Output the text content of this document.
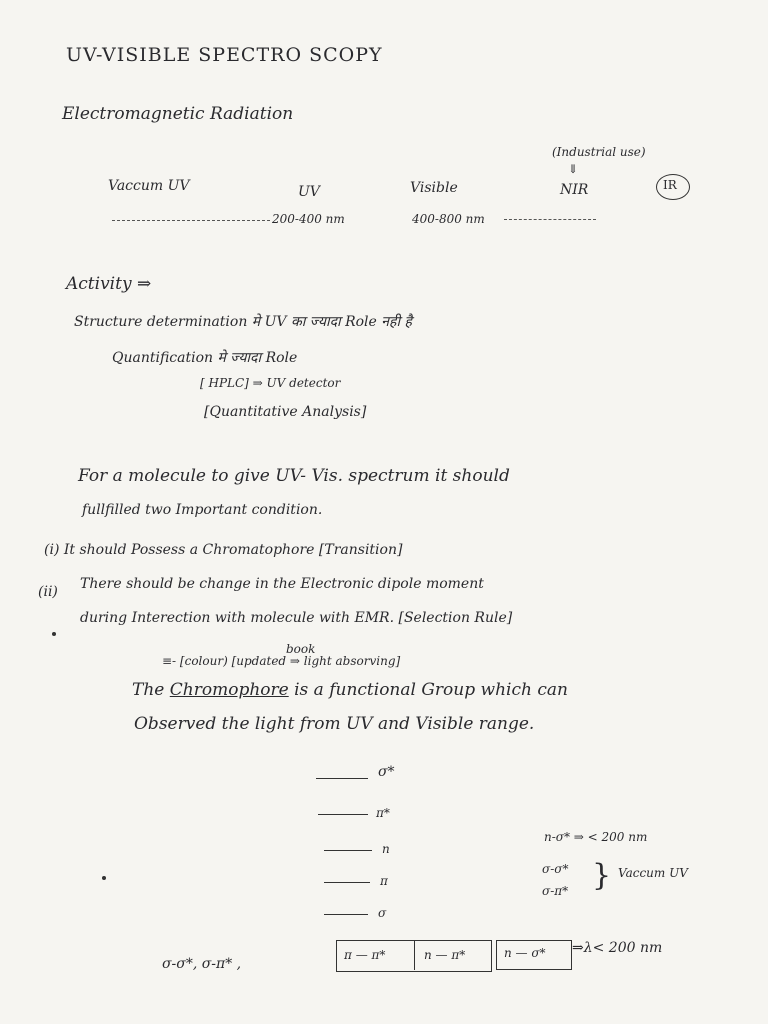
UV-VISIBLE SPECTRO SCOPY
Electromagnetic Radiation
(Industrial use)
⇓
Vaccum UV	UV	Visible	NIR	IR
200-400 nm	400-800 nm
Activity ⇒
Structure determination मे UV का ज्यादा Role नही है
Quantification मे ज्यादा Role
[ HPLC] ⇒ UV detector
[Quantitative Analysis]
For a molecule to give UV- Vis. spectrum it should
fullfilled two Important condition.
(i) It should Possess a Chromatophore [Transition]
(ii) There should be change in the Electronic dipole moment
during Interection with molecule with EMR. [Selection Rule]
book
≡- [colour) [updated ⇒ light absorving]
The Chromophore is a functional Group which can
Observed the light from UV and Visible range.
σ*
π*
n
π
σ
n-σ* ⇒ < 200 nm
σ-σ*
σ-π* } Vaccum UV
σ-σ*, σ-π* ,
π — π*	n — π*	n — σ* ⇒λ< 200 nm
